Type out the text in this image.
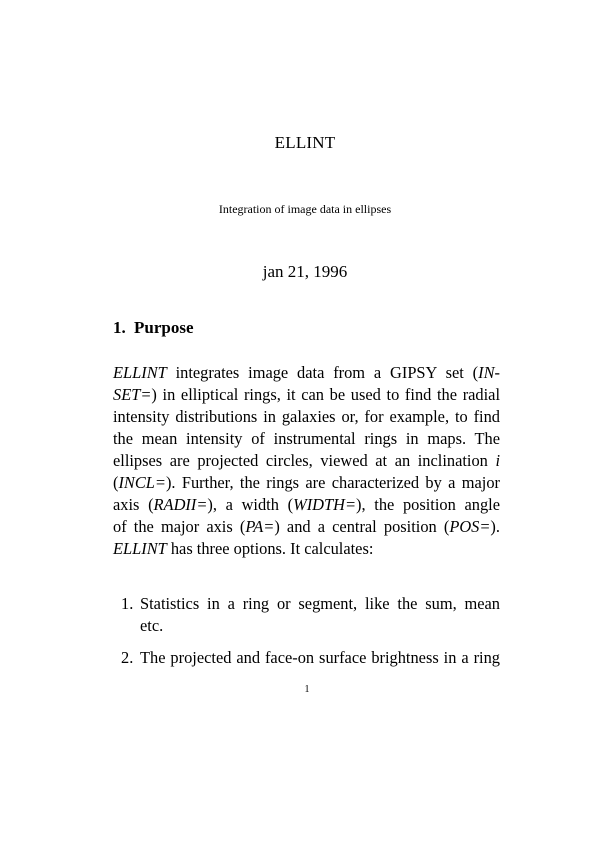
ELLINT
Integration of image data in ellipses
jan 21, 1996
1. Purpose
ELLINT integrates image data from a GIPSY set (IN-
SET=) in elliptical rings, it can be used to find the radial
intensity distributions in galaxies or, for example, to find
the mean intensity of instrumental rings in maps. The
ellipses are projected circles, viewed at an inclination i
(INCL=). Further, the rings are characterized by a major
axis (RADII=), a width (WIDTH=), the position angle
of the major axis (PA=) and a central position (POS=).
ELLINT has three options. It calculates:
1. Statistics in a ring or segment, like the sum, mean
etc.
2. The projected and face-on surface brightness in a ring
1
